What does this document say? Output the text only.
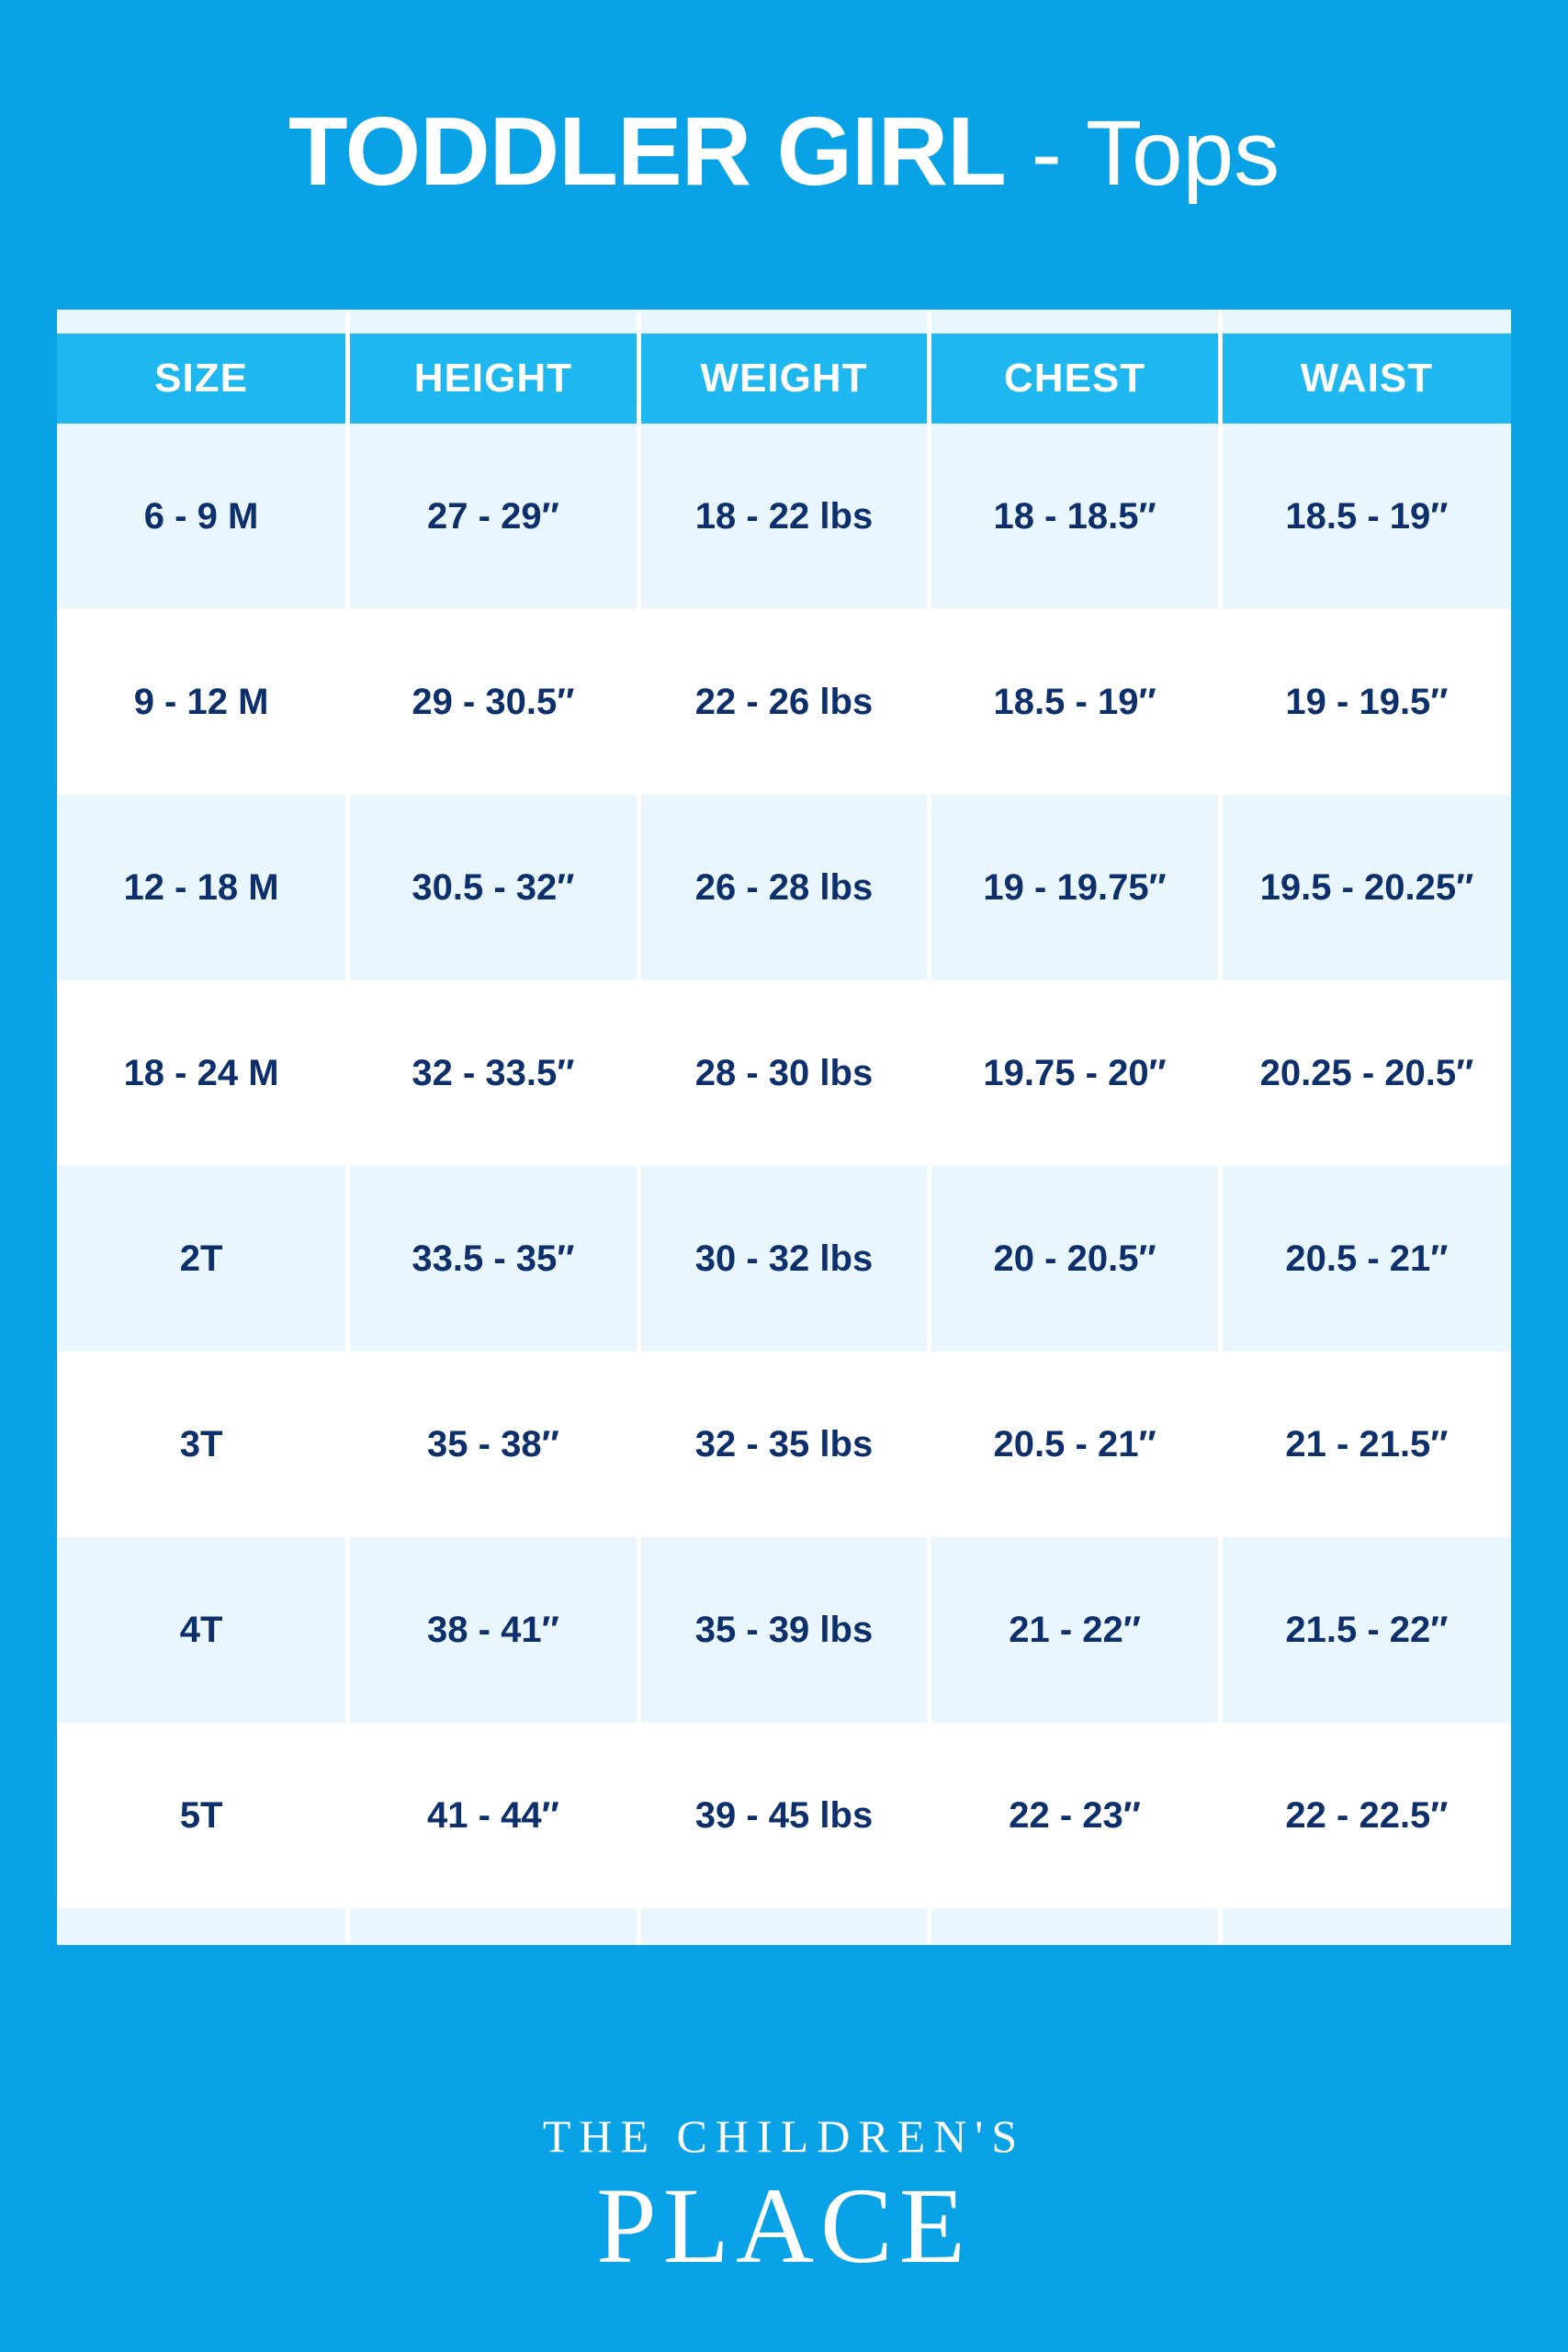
TODDLER GIRL - Tops

SIZE	HEIGHT	WEIGHT	CHEST	WAIST
6 - 9 M	27 - 29″	18 - 22 lbs	18 - 18.5″	18.5 - 19″
9 - 12 M	29 - 30.5″	22 - 26 lbs	18.5 - 19″	19 - 19.5″
12 - 18 M	30.5 - 32″	26 - 28 lbs	19 - 19.75″	19.5 - 20.25″
18 - 24 M	32 - 33.5″	28 - 30 lbs	19.75 - 20″	20.25 - 20.5″
2T	33.5 - 35″	30 - 32 lbs	20 - 20.5″	20.5 - 21″
3T	35 - 38″	32 - 35 lbs	20.5 - 21″	21 - 21.5″
4T	38 - 41″	35 - 39 lbs	21 - 22″	21.5 - 22″
5T	41 - 44″	39 - 45 lbs	22 - 23″	22 - 22.5″

THE CHILDREN'S
PLACE
